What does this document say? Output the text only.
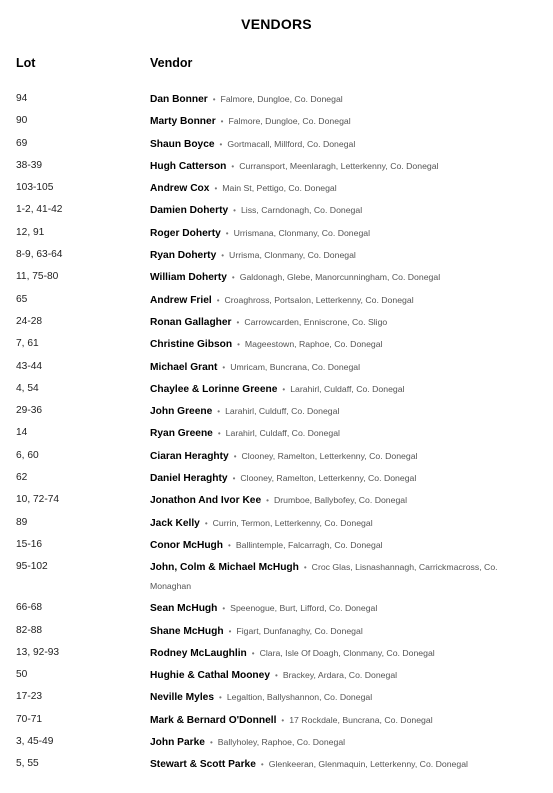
VENDORS
Lot	Vendor
94	Dan Bonner • Falmore, Dungloe, Co. Donegal
90	Marty Bonner • Falmore, Dungloe, Co. Donegal
69	Shaun Boyce • Gortmacall, Millford, Co. Donegal
38-39	Hugh Catterson • Curransport, Meenlaragh, Letterkenny, Co. Donegal
103-105	Andrew Cox • Main St, Pettigo, Co. Donegal
1-2, 41-42	Damien Doherty • Liss, Carndonagh, Co. Donegal
12, 91	Roger Doherty • Urrismana, Clonmany, Co. Donegal
8-9, 63-64	Ryan Doherty • Urrisma, Clonmany, Co. Donegal
11, 75-80	William Doherty • Galdonagh, Glebe, Manorcunningham, Co. Donegal
65	Andrew Friel • Croaghross, Portsalon, Letterkenny, Co. Donegal
24-28	Ronan Gallagher • Carrowcarden, Enniscrone, Co. Sligo
7, 61	Christine Gibson • Mageestown, Raphoe, Co. Donegal
43-44	Michael Grant • Umricam, Buncrana, Co. Donegal
4, 54	Chaylee & Lorinne Greene • Larahirl, Culdaff, Co. Donegal
29-36	John Greene • Larahirl, Culduff, Co. Donegal
14	Ryan Greene • Larahirl, Culdaff, Co. Donegal
6, 60	Ciaran Heraghty • Clooney, Ramelton, Letterkenny, Co. Donegal
62	Daniel Heraghty • Clooney, Ramelton, Letterkenny, Co. Donegal
10, 72-74	Jonathon And Ivor Kee • Drumboe, Ballybofey, Co. Donegal
89	Jack Kelly • Currin, Termon, Letterkenny, Co. Donegal
15-16	Conor McHugh • Ballintemple, Falcarragh, Co. Donegal
95-102	John, Colm & Michael McHugh • Croc Glas, Lisnashannagh, Carrickmacross, Co. Monaghan
66-68	Sean McHugh • Speenogue, Burt, Lifford, Co. Donegal
82-88	Shane McHugh • Figart, Dunfanaghy, Co. Donegal
13, 92-93	Rodney McLaughlin • Clara, Isle Of Doagh, Clonmany, Co. Donegal
50	Hughie & Cathal Mooney • Brackey, Ardara, Co. Donegal
17-23	Neville Myles • Legaltion, Ballyshannon, Co. Donegal
70-71	Mark & Bernard O'Donnell • 17 Rockdale, Buncrana, Co. Donegal
3, 45-49	John Parke • Ballyholey, Raphoe, Co. Donegal
5, 55	Stewart & Scott Parke • Glenkeeran, Glenmaquin, Letterkenny, Co. Donegal
